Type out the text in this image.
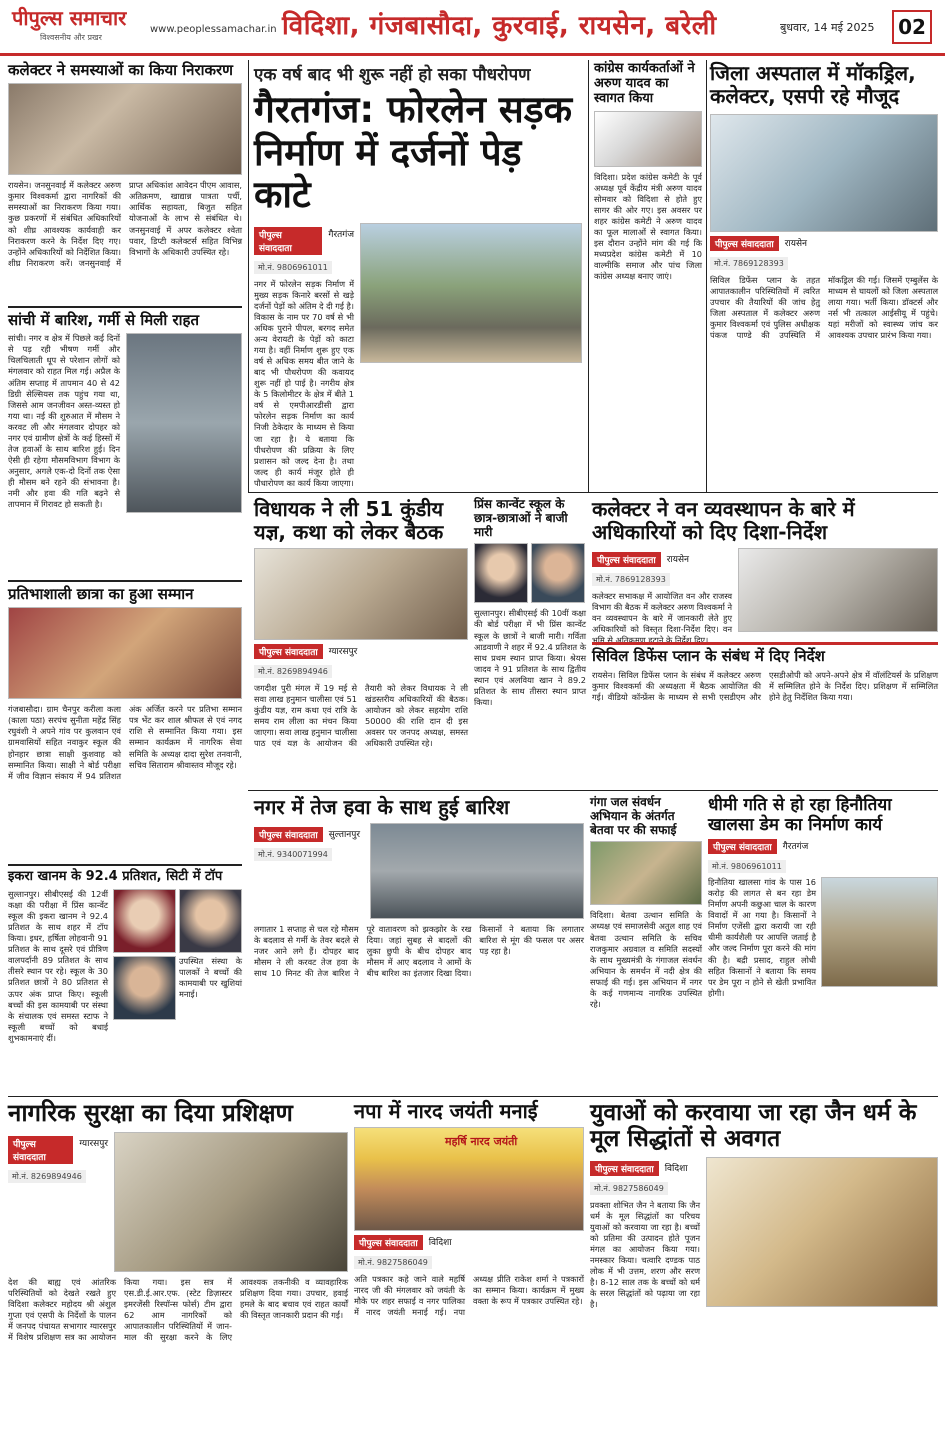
पीपुल्स समाचार
विश्वसनीय और प्रखर
www.peoplessamachar.in विदिशा, गंजबासौदा, कुरवाई, रायसेन, बरेली	बुधवार, 14 मई 2025	02
कलेक्टर ने समस्याओं का किया निराकरण

रायसेन। जनसुनवाई में कलेक्टर अरुण कुमार विश्वकर्मा द्वारा नागरिकों की समस्याओं का निराकरण किया गया। कुछ प्रकरणों में संबंधित अधिकारियों को शीघ्र आवश्यक कार्यवाही कर निराकरण करने के निर्देश दिए गए। उन्होंने अधिकारियों को निर्देशित किया। शीघ्र निराकरण करें। जनसुनवाई में प्राप्त अधिकांश आवेदन पीएम आवास, अतिक्रमण, खाद्यान्न पात्रता पर्ची, आर्थिक सहायता, बिजुत सहित योजनाओं के लाभ से संबंधित थे। जनसुनवाई में अपर कलेक्टर श्वेता पवार, डिप्टी कलेक्टर्स सहित विभिन्न विभागों के अधिकारी उपस्थित रहे।

सांची में बारिश, गर्मी से मिली राहत

सांची। नगर व क्षेत्र में पिछले कई दिनों से पड़ रही भीषण गर्मी और चिलचिलाती धूप से परेशान लोगों को मंगलवार को राहत मिल गई। अप्रैल के अंतिम सप्ताह में तापमान 40 से 42 डिग्री सेल्सियस तक पहुंच गया था, जिससे आम जनजीवन अस्त-व्यस्त हो गया था। नई की शुरुआत में मौसम ने करवट ली और मंगलवार दोपहर को नगर एवं ग्रामीण क्षेत्रों के कई हिस्सों में तेज हवाओं के साथ बारिश हुई। दिन ऐसी ही रहेगा मौसमविभाग विभाग के अनुसार, अगले एक-दो दिनों तक ऐसा ही मौसम बने रहने की संभावना है। नमी और हवा की गति बढ़ने से तापमान में गिरावट हो सकती है।

प्रतिभाशाली छात्रा का हुआ सम्मान

गंजबासौदा। ग्राम चैनपुर करीला कला (काला पठा) सरपंच सुनीता महेंद्र सिंह रघुवंशी ने अपने गांव पर कुलवान एवं ग्रामवासियों सहित नवाकुर स्कूल की होनहार छात्रा साक्षी कुशवाह को सम्मानित किया। साक्षी ने बोर्ड परीक्षा में जीव विज्ञान संकाय में 94 प्रतिशत अंक अर्जित करने पर प्रतिभा सम्मान पत्र भेंट कर शाल श्रीफल से एवं नगद राशि से सम्मानित किया गया। इस सम्मान कार्यक्रम में नागरिक सेवा समिति के अध्यक्ष दादा सुरेश तनवानी, सचिव सिताराम श्रीवास्तव मौजूद रहे।

इकरा खानम के 92.4 प्रतिशत, सिटी में टॉप

सुल्तानपुर। सीबीएसई की 12वीं कक्षा की परीक्षा में प्रिंस कान्वेंट स्कूल की इकरा खानम ने 92.4 प्रतिशत के साथ शहर में टॉप किया। इधर, हर्षिता लोहवानी 91 प्रतिशत के साथ दूसरे एवं प्रीत्रिण वालपर्दानी 89 प्रतिशत के साथ तीसरे स्थान पर रहे। स्कूल के 30 प्रतिशत छात्रों ने 80 प्रतिशत से ऊपर अंक प्राप्त किए। स्कूली बच्चों की इस कामयाबी पर संस्था के संचालक एवं समस्त स्टाफ ने स्कूली बच्चों को बधाई शुभकामनाएं दीं।

उपस्थित संस्था के पालकों ने बच्चों की कामयाबी पर खुशियां मनाई।

एक वर्ष बाद भी शुरू नहीं हो सका पौधरोपण
गैरतगंज: फोरलेन सड़क निर्माण में दर्जनों पेड़ काटे
पीपुल्स संवाददाता
गैरतगंज
मो.नं. 9806961011

नगर में फोरलेन सड़क निर्माण में मुख्य सड़क किनारे बरसों से खड़े दर्जनों पेड़ों को अंतिम दे दी गई है। विकास के नाम पर 70 वर्ष से भी अधिक पुराने पीपल, बरगद समेत अन्य वेरायटी के पेड़ों को काटा गया है। वहीं निर्माण शुरू हुए एक वर्ष से अधिक समय बीत जाने के बाद भी पौधरोपण की कवायद शुरू नहीं हो पाई है। नगरीय क्षेत्र के 5 किलोमीटर के क्षेत्र में बीते 1 वर्ष से एमपीआरडीसी द्वारा फोरलेन सड़क निर्माण का कार्य निजी ठेकेदार के माध्यम से किया जा रहा है। ये बताया कि पीधरोपण की प्रक्रिया के लिए प्रशासन को जल्द देना है। तथा जल्द ही कार्य मंजूर होते ही पौधारोपण का कार्य किया जाएगा।

कांग्रेस कार्यकर्ताओं ने अरुण यादव का स्वागत किया

विदिशा। प्रदेश कांग्रेस कमेटी के पूर्व अध्यक्ष पूर्व केंद्रीय मंत्री अरुण यादव सोमवार को विदिशा से होते हुए सागर की ओर गए। इस अवसर पर शहर कांग्रेस कमेटी ने अरुण यादव का फूल मालाओं से स्वागत किया। इस दौरान उन्होंने मांग की गई कि मध्यप्रदेश कांग्रेस कमेटी में 10 वाल्मीकि समाज और पांच जिला कांग्रेस अध्यक्ष बनाए जाएं।

जिला अस्पताल में मॉकड्रिल, कलेक्टर, एसपी रहे मौजूद
पीपुल्स संवाददाता	रायसेन
मो.नं. 7869128393

सिविल डिफेंस प्लान के तहत आपातकालीन परिस्थितियों में त्वरित उपचार की तैयारियों की जांच हेतु जिला अस्पताल में कलेक्टर अरुण कुमार विश्वकर्मा एवं पुलिस अधीक्षक पंकज पाण्डे की उपस्थिति में मॉकड्रिल की गई। जिसमें एम्बुलेंस के माध्यम से घायलों को जिला अस्पताल लाया गया। भर्ती किया। डॉक्टर्स और नर्स भी तत्काल आईसीयू में पहुंचे। यहां मरीजों को स्वास्थ्य जांच कर आवश्यक उपचार प्रारंभ किया गया।

विधायक ने ली 51 कुंडीय यज्ञ, कथा को लेकर बैठक
पीपुल्स संवाददाता	ग्यारसपुर
मो.नं. 8269894946

जगदीश पुरी मंगल में 19 मई से सवा लाख हनुमान चालीसा एवं 51 कुंडीय यज्ञ, राम कथा एवं रात्रि के समय राम लीला का मंचन किया जाएगा। सवा लाख हनुमान चालीसा पाठ एवं यज्ञ के आयोजन की तैयारी को लेकर विधायक ने ली खंडस्तरीय अधिकारियों की बैठक। आयोजन को लेकर सहयोग राशि 50000 की राशि दान दी इस अवसर पर जनपद अध्यक्ष, समस्त अधिकारी उपस्थित रहे।

प्रिंस कान्वेंट स्कूल के छात्र-छात्राओं ने बाजी मारी

सुल्तानपुर। सीबीएसई की 10वीं कक्षा की बोर्ड परीक्षा में भी प्रिंस कान्वेंट स्कूल के छात्रों ने बाजी मारी। गर्विता आडवाणी ने शहर में 92.4 प्रतिशत के साथ प्रथम स्थान प्राप्त किया। श्रेयस जादव ने 91 प्रतिशत के साथ द्वितीय स्थान एवं अलविया खान ने 89.2 प्रतिशत के साथ तीसरा स्थान प्राप्त किया।

कलेक्टर ने वन व्यवस्थापन के बारे में अधिकारियों को दिए दिशा-निर्देश
पीपुल्स संवाददाता	रायसेन
मो.नं. 7869128393

कलेक्टर सभाकक्ष में आयोजित वन और राजस्व विभाग की बैठक में कलेक्टर अरुण विश्वकर्मा ने वन व्यवस्थापन के बारे में जानकारी लेते हुए अधिकारियों को विस्तृत दिशा-निर्देश दिए। वन भूमि से अतिक्रमण हटाने के निर्देश दिए।

सिविल डिफेंस प्लान के संबंध में दिए निर्देश

रायसेन। सिविल डिफेंस प्लान के संबंध में कलेक्टर अरुण कुमार विश्वकर्मा की अध्यक्षता में बैठक आयोजित की गई। वीडियो कॉन्फ्रेंस के माध्यम से सभी एसडीएम और एसडीओपी को अपने-अपने क्षेत्र में वॉलंटियर्स के प्रशिक्षण में सम्मिलित होने के निर्देश दिए। प्रशिक्षण में सम्मिलित होने हेतु निर्देशित किया गया।

नगर में तेज हवा के साथ हुई बारिश
पीपुल्स संवाददाता	सुल्तानपुर
मो.नं. 9340071994

लगातार 1 सप्ताह से चल रहे मौसम के बदलाव से गर्मी के तेवर बदले से नजर आने लगे हैं। दोपहर बाद मौसम ने ली करवट तेज हवा के साथ 10 मिनट की तेज बारिश ने पूरे वातावरण को झकझोर के रख दिया। जहां सुबह से बादलों की लुका छुपी के बीच दोपहर बाद मौसम में आए बदलाव ने आमों के बीच बारिश का इंतजार दिखा दिया। किसानों ने बताया कि लगातार बारिश से मूंग की फसल पर असर पड़ रहा है।

गंगा जल संवर्धन अभियान के अंतर्गत बेतवा पर की सफाई

विदिशा। बेतवा उत्थान समिति के अध्यक्ष एवं समाजसेवी अतुल शाह एवं बेतवा उत्थान समिति के सचिव राजकुमार अग्रवाल व समिति सदस्यों के साथ मुख्यमंत्री के गंगाजल संवर्धन अभियान के समर्थन में नदी क्षेत्र की सफाई की गई। इस अभियान में नगर के कई गणमान्य नागरिक उपस्थित रहे।

धीमी गति से हो रहा हिनौतिया खालसा डेम का निर्माण कार्य
पीपुल्स संवाददाता	गैरतगंज
मो.नं. 9806961011

हिनौतिया खालसा गांव के पास 16 करोड़ की लागत से बन रहा डेम निर्माण अपनी कछुआ चाल के कारण विवादों में आ गया है। किसानों ने निर्माण एजेंसी द्वारा करायी जा रही धीमी कार्यशैली पर आपत्ति जताई है और जल्द निर्माण पूरा करने की मांग की है। बद्री प्रसाद, राहुल लोधी सहित किसानों ने बताया कि समय पर डेम पूरा न होने से खेती प्रभावित होगी।

नागरिक सुरक्षा का दिया प्रशिक्षण
पीपुल्स संवाददाता
ग्यारसपुर
मो.नं. 8269894946

देश की बाह्य एवं आंतरिक परिस्थितियों को देखते रखते हुए विदिशा कलेक्टर महोदय श्री अंशुल गुप्ता एवं एसपी के निर्देशों के पालन में जनपद पंचायत सभागार ग्यारसपुर में विशेष प्रशिक्षण सत्र का आयोजन किया गया। इस सत्र में एस.डी.ई.आर.एफ. (स्टेट डिज़ास्टर इमरजेंसी रिस्पॉन्स फोर्स) टीम द्वारा 62 आम नागरिकों को आपातकालीन परिस्थितियों में जान-माल की सुरक्षा करने के लिए आवश्यक तकनीकी व व्यावहारिक प्रशिक्षण दिया गया। उपचार, हवाई हमले के बाद बचाव एवं राहत कार्यों की विस्तृत जानकारी प्रदान की गई।

नपा में नारद जयंती मनाई
महर्षि नारद जयंती
पीपुल्स संवाददाता	विदिशा
मो.नं. 9827586049

अति पत्रकार कहे जाने वाले महर्षि नारद जी की मंगलवार को जयंती के मौके पर शहर सफाई व नगर पालिका में नारद जयंती मनाई गई। नपा अध्यक्ष प्रीति राकेश शर्मा ने पत्रकारों का सम्मान किया। कार्यक्रम में मुख्य वक्ता के रूप में पत्रकार उपस्थित रहे।

युवाओं को करवाया जा रहा जैन धर्म के मूल सिद्धांतों से अवगत
पीपुल्स संवाददाता	विदिशा
मो.नं. 9827586049

प्रवक्ता शोभित जैन ने बताया कि जैन धर्म के मूल सिद्धांतों का परिचय युवाओं को करवाया जा रहा है। बच्चों को प्रतिमा की उत्पादन होते पूजन मंगल का आयोजन किया गया। नमस्कार किया। चत्वारि दण्डक पाठ लोक में भी उत्तम, शरण और सरण है। 8-12 साल तक के बच्चों को धर्म के सरल सिद्धांतों को पढ़ाया जा रहा है।
